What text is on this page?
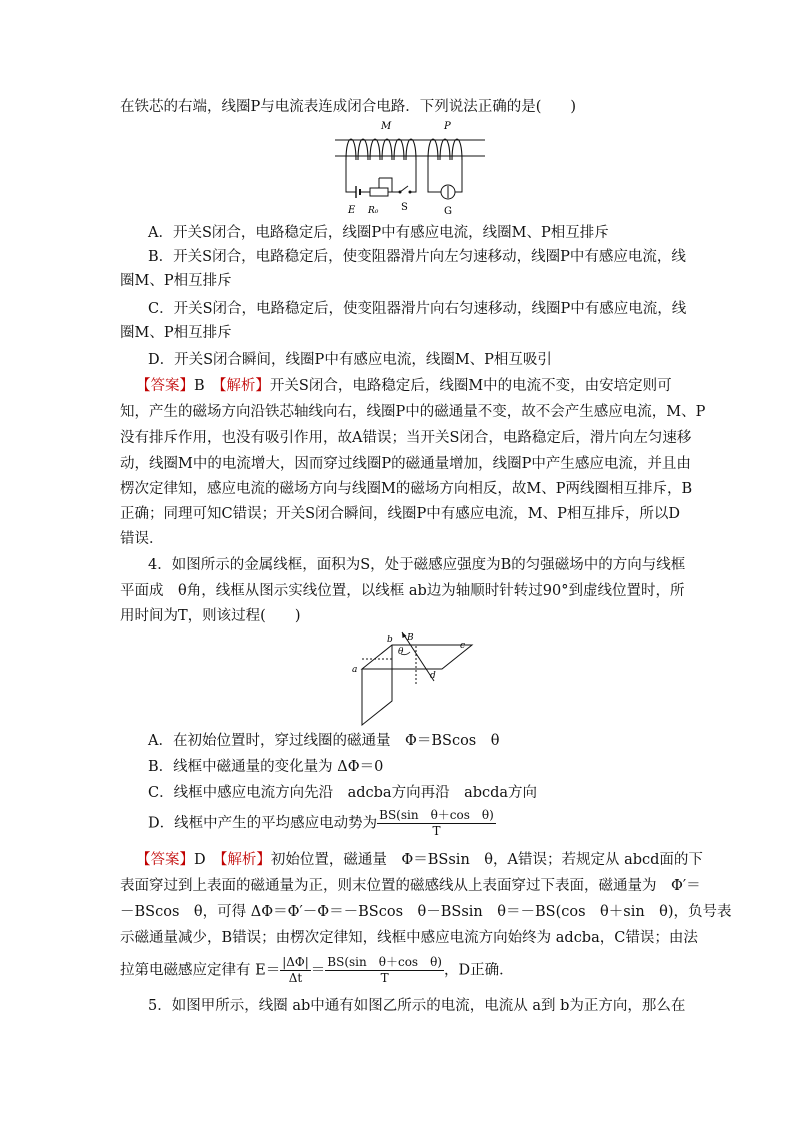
在铁芯的右端，线圈P与电流表连成闭合电路．下列说法正确的是(　　)
M	P
E R₀ S	G
A．开关S闭合，电路稳定后，线圈P中有感应电流，线圈M、P相互排斥
B．开关S闭合，电路稳定后，使变阻器滑片向左匀速移动，线圈P中有感应电流，线
圈M、P相互排斥
C．开关S闭合，电路稳定后，使变阻器滑片向右匀速移动，线圈P中有感应电流，线
圈M、P相互排斥
D．开关S闭合瞬间，线圈P中有感应电流，线圈M、P相互吸引
【答案】B　 【解析】开关S闭合，电路稳定后，线圈M中的电流不变，由安培定则可
知，产生的磁场方向沿铁芯轴线向右，线圈P中的磁通量不变，故不会产生感应电流，M、P
没有排斥作用，也没有吸引作用，故A错误；当开关S闭合，电路稳定后，滑片向左匀速移
动，线圈M中的电流增大，因而穿过线圈P的磁通量增加，线圈P中产生感应电流，并且由
楞次定律知，感应电流的磁场方向与线圈M的磁场方向相反，故M、P两线圈相互排斥，B
正确；同理可知C错误；开关S闭合瞬间，线圈P中有感应电流，M、P相互排斥，所以D
错误．
4．如图所示的金属线框，面积为S，处于磁感应强度为B的匀强磁场中的方向与线框
平面成　θ角，线框从图示实线位置，以线框 ab边为轴顺时针转过90°到虚线位置时，所
用时间为T，则该过程(　　)
b B
θ
a
c
d
A．在初始位置时，穿过线圈的磁通量　Φ＝BScos　θ
B．线框中磁通量的变化量为 ΔΦ＝0
C．线框中感应电流方向先沿　adcba方向再沿　abcda方向
D．线框中产生的平均感应电动势为 $\frac{\text{BS(sin　θ＋cos　θ)}}{T}$
【答案】D　 【解析】初始位置，磁通量　Φ＝BSsin　θ，A错误；若规定从 abcd面的下
表面穿过到上表面的磁通量为正，则末位置的磁感线从上表面穿过下表面，磁通量为　Φ′＝
－BScos　θ，可得 ΔΦ＝Φ′－Φ＝－BScos　θ－BSsin　θ＝－BS(cos　θ＋sin　θ)，负号表
示磁通量减少，B错误；由楞次定律知，线框中感应电流方向始终为 adcba，C错误；由法
拉第电磁感应定律有 $E= \frac{|\Delta\Phi|}{\Delta t} = \frac{\text{BS(sin　θ＋cos　θ)}}{T}$ ，D正确．
5．如图甲所示，线圈 ab中通有如图乙所示的电流，电流从 a到 b为正方向，那么在
